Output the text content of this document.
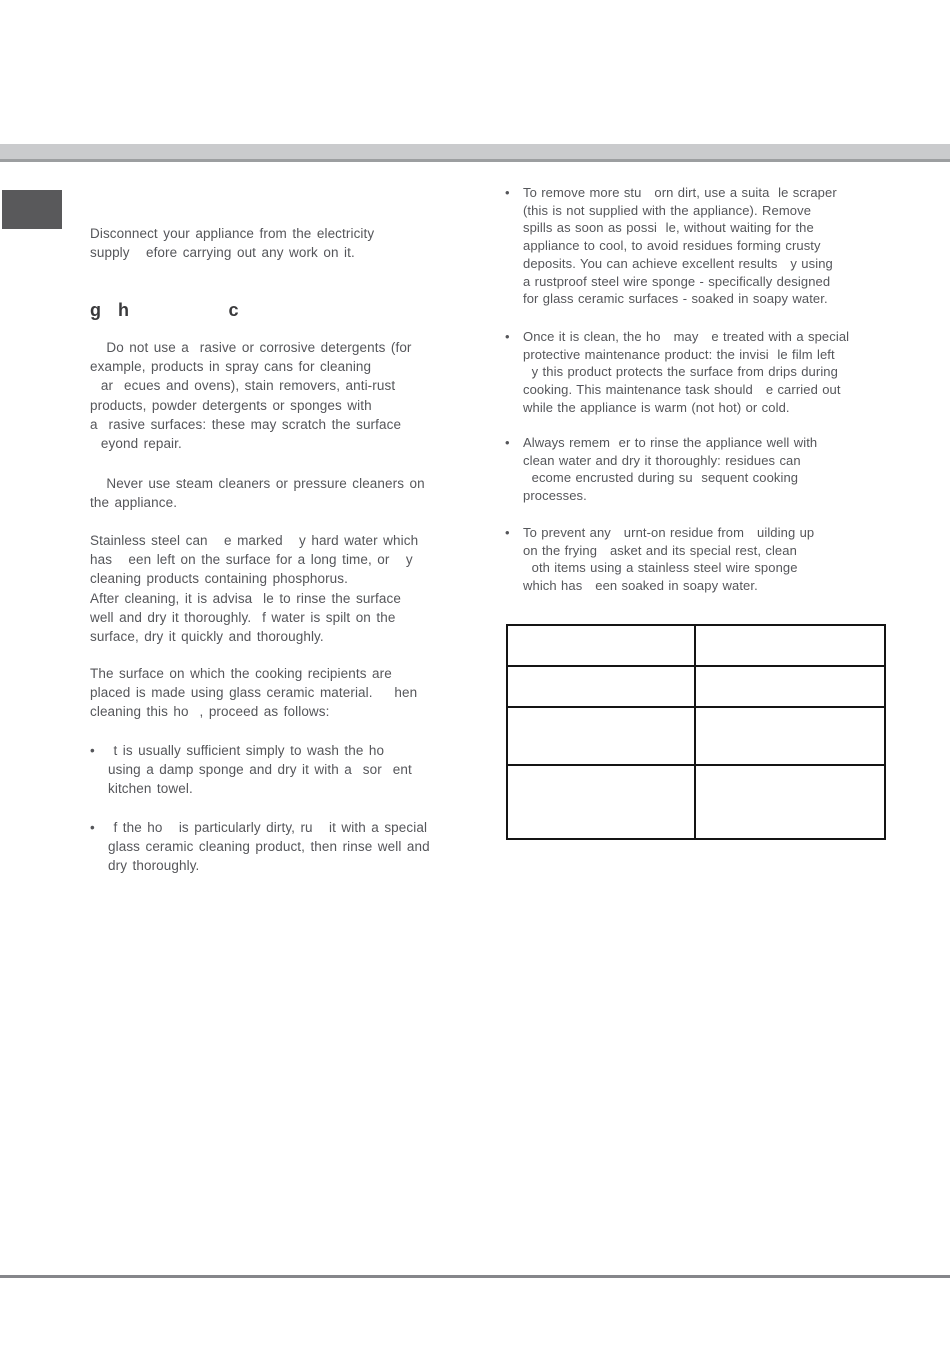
Disconnect your appliance from the electricity
supply   efore carrying out any work on it.
g   h                  c
Do not use a  rasive or corrosive detergents (for
example, products in spray cans for cleaning
ar  ecues and ovens), stain removers, anti-rust
products, powder detergents or sponges with
a  rasive surfaces: these may scratch the surface
eyond repair.
Never use steam cleaners or pressure cleaners on
the appliance.
Stainless steel can   e marked   y hard water which
has   een left on the surface for a long time, or   y
cleaning products containing phosphorus.
After cleaning, it is advisa  le to rinse the surface
well and dry it thoroughly.  f water is spilt on the
surface, dry it quickly and thoroughly.
The surface on which the cooking recipients are
placed is made using glass ceramic material.    hen
cleaning this ho  , proceed as follows:
• t is usually sufficient simply to wash the ho
using a damp sponge and dry it with a  sor  ent
kitchen towel.
• f the ho   is particularly dirty, ru   it with a special
glass ceramic cleaning product, then rinse well and
dry thoroughly.

•	To remove more stu   orn dirt, use a suita  le scraper
(this is not supplied with the appliance). Remove
spills as soon as possi  le, without waiting for the
appliance to cool, to avoid residues forming crusty
deposits. You can achieve excellent results   y using
a rustproof steel wire sponge - specifically designed
for glass ceramic surfaces - soaked in soapy water.
•	Once it is clean, the ho   may   e treated with a special
protective maintenance product: the invisi  le film left
y this product protects the surface from drips during
cooking. This maintenance task should   e carried out
while the appliance is warm (not hot) or cold.
•	Always remem  er to rinse the appliance well with
clean water and dry it thoroughly: residues can
ecome encrusted during su  sequent cooking
processes.
•	To prevent any   urnt-on residue from   uilding up
on the frying   asket and its special rest, clean
oth items using a stainless steel wire sponge
which has   een soaked in soapy water.
